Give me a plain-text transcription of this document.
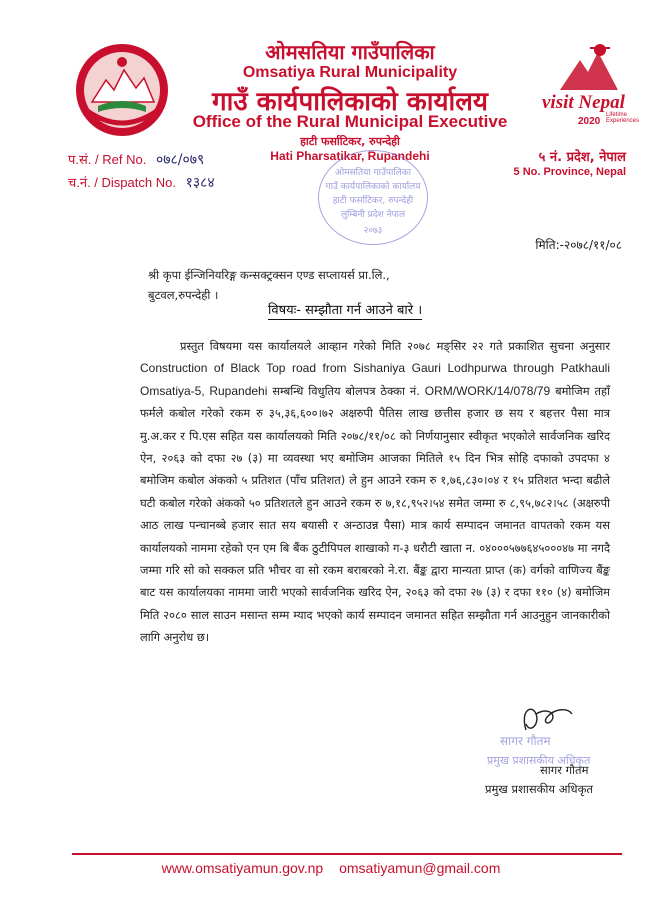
ओमसतिया गाउँपालिका
Omsatiya Rural Municipality
गाउँ कार्यपालिकाको कार्यालय
Office of the Rural Municipal Executive
हाटी फर्साटिकर, रुपन्देही
Hati Pharsatikar, Rupandehi
visit Nepal
2020
Lifetime Experiences
प.सं. / Ref No. ०७८/०७९
च.नं. / Dispatch No. १३८४
५ नं. प्रदेश, नेपाल
5 No. Province, Nepal
ओमसतिया गाउँपालिका
गाउँ कार्यपालिकाको कार्यालय
हाटी फर्साटिकर, रुपन्देही
लुम्बिनी प्रदेश नेपाल
२०७३
मिति:-२०७८/११/०८
श्री कृपा ईन्जिनियरिङ्ग कन्सक्ट्रक्सन एण्ड सप्लायर्स प्रा.लि.,
बुटवल,रुपन्देही ।
विषयः- सम्झौता गर्न आउने बारे ।
प्रस्तुत विषयमा यस कार्यालयले आव्हान गरेको मिति २०७८ मङ्सिर २२ गते प्रकाशित सुचना अनुसार Construction of Black Top road from Sishaniya Gauri Lodhpurwa through Patkhauli Omsatiya-5, Rupandehi सम्बन्धि विधुतिय बोलपत्र ठेक्का नं. ORM/WORK/14/078/79 बमोजिम तहाँ फर्मले कबोल गरेको रकम रु ३५,३६,६००।७२ अक्षरुपी पैतिस लाख छत्तीस हजार छ सय र बहत्तर पैसा मात्र मु.अ.कर र पि.एस सहित यस कार्यालयको मिति २०७८/११/०८ को निर्णयानुसार स्वीकृत भएकोले सार्वजनिक खरिद ऐन, २०६३ को दफा २७ (३) मा व्यवस्था भए बमोजिम आजका मितिले १५ दिन भित्र सोहि दफाको उपदफा ४ बमोजिम कबोल अंकको ५ प्रतिशत (पाँच प्रतिशत) ले हुन आउने रकम रु १,७६,८३०।०४ र १५ प्रतिशत भन्दा बढीले घटी कबोल गरेको अंकको ५० प्रतिशतले हुन आउने रकम रु ७,१८,९५२।५४ समेत जम्मा रु ८,९५,७८२।५८ (अक्षरुपी आठ लाख पन्चानब्बे हजार सात सय बयासी र अन्ठाउन्न पैसा) मात्र कार्य सम्पादन जमानत वापतको रकम यस कार्यालयको नाममा रहेको एन एम बि बैंक ठुटीपिपल शाखाको ग-३ धरौटी खाता न. ०४०००५७७६४५०००४७ मा नगदै जम्मा गरि सो को सक्कल प्रति भौचर वा सो रकम बराबरको ने.रा. बैंङ्क द्वारा मान्यता प्राप्त (क) वर्गको वाणिज्य बैंङ्क बाट यस कार्यालयका नाममा जारी भएको सार्वजनिक खरिद ऐन, २०६३ को दफा २७ (३) र दफा ११० (४) बमोजिम मिति २०८० साल साउन मसान्त सम्म म्याद भएको कार्य सम्पादन जमानत सहित सम्झौता गर्न आउनुहुन जानकारीको लागि अनुरोध छ।
सागर गौतम
प्रमुख प्रशासकीय अधिकृत
सागर गौतम
प्रमुख प्रशासकीय अधिकृत
www.omsatiyamun.gov.np omsatiyamun@gmail.com
